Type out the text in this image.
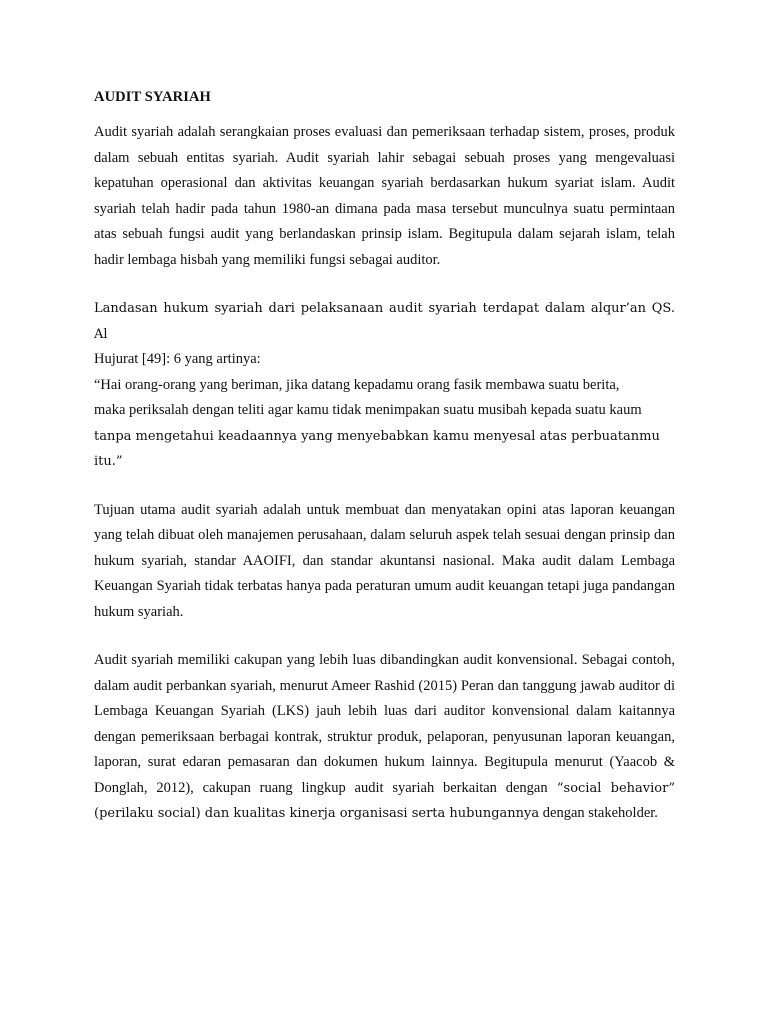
AUDIT SYARIAH

Audit syariah adalah serangkaian proses evaluasi dan pemeriksaan terhadap sistem, proses, produk dalam sebuah entitas syariah. Audit syariah lahir sebagai sebuah proses yang mengevaluasi kepatuhan operasional dan aktivitas keuangan syariah berdasarkan hukum syariat islam. Audit syariah telah hadir pada tahun 1980-an dimana pada masa tersebut munculnya suatu permintaan atas sebuah fungsi audit yang berlandaskan prinsip islam. Begitupula dalam sejarah islam, telah hadir lembaga hisbah yang memiliki fungsi sebagai auditor.

Landasan hukum syariah dari pelaksanaan audit syariah terdapat dalam alqur’an QS. Al
Hujurat [49]: 6 yang artinya:

“Hai orang-orang yang beriman, jika datang kepadamu orang fasik membawa suatu berita,

maka periksalah dengan teliti agar kamu tidak menimpakan suatu musibah kepada suatu kaum

tanpa mengetahui keadaannya yang menyebabkan kamu menyesal atas perbuatanmu itu.”

Tujuan utama audit syariah adalah untuk membuat dan menyatakan opini atas laporan keuangan yang telah dibuat oleh manajemen perusahaan, dalam seluruh aspek telah sesuai dengan prinsip dan hukum syariah, standar AAOIFI, dan standar akuntansi nasional. Maka audit dalam Lembaga Keuangan Syariah tidak terbatas hanya pada peraturan umum audit keuangan tetapi juga pandangan hukum syariah.

Audit syariah memiliki cakupan yang lebih luas dibandingkan audit konvensional. Sebagai contoh, dalam audit perbankan syariah, menurut Ameer Rashid (2015) Peran dan tanggung jawab auditor di Lembaga Keuangan Syariah (LKS) jauh lebih luas dari auditor konvensional dalam kaitannya dengan pemeriksaan berbagai kontrak, struktur produk, pelaporan, penyusunan laporan keuangan, laporan, surat edaran pemasaran dan dokumen hukum lainnya. Begitupula menurut (Yaacob & Donglah, 2012), cakupan ruang lingkup audit syariah berkaitan dengan “social behavior” (perilaku social) dan kualitas kinerja organisasi serta hubungannya dengan stakeholder.
